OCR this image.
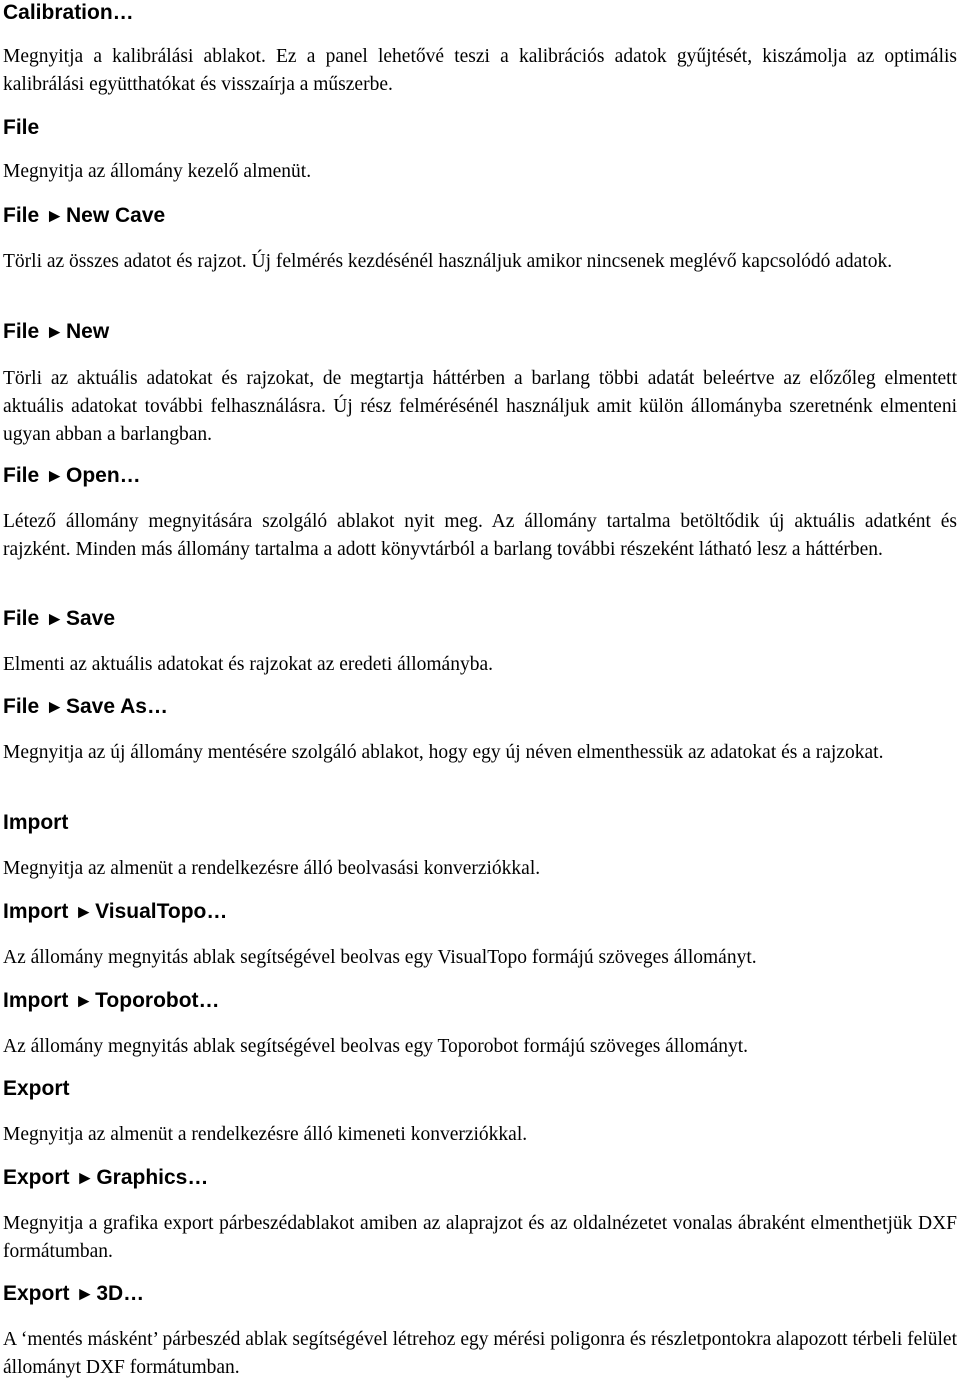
Calibration…

Megnyitja a kalibrálási ablakot. Ez a panel lehetővé teszi a kalibrációs adatok gyűjtését, kiszámolja az optimális kalibrálási együtthatókat és visszaírja a műszerbe.

File

Megnyitja az állomány kezelő almenüt.

File ►New Cave

Törli az összes adatot és rajzot. Új felmérés kezdésénél használjuk amikor nincsenek meglévő kapcsolódó adatok.

File ►New

Törli az aktuális adatokat és rajzokat, de megtartja háttérben a barlang többi adatát beleértve az előzőleg elmentett aktuális adatokat további felhasználásra. Új rész felmérésénél használjuk amit külön állományba szeretnénk elmenteni ugyan abban a barlangban.

File ►Open…

Létező állomány megnyitására szolgáló ablakot nyit meg. Az állomány tartalma betöltődik új aktuális adatként és rajzként. Minden más állomány tartalma a adott könyvtárból a barlang további részeként látható lesz a háttérben.

File ►Save

Elmenti az aktuális adatokat és rajzokat az eredeti állományba.

File ►Save As…

Megnyitja az új állomány mentésére szolgáló ablakot, hogy egy új néven elmenthessük az adatokat és a rajzokat.

Import

Megnyitja az almenüt a rendelkezésre álló beolvasási konverziókkal.

Import ►VisualTopo…

Az állomány megnyitás ablak segítségével beolvas egy VisualTopo formájú szöveges állományt.

Import ►Toporobot…

Az állomány megnyitás ablak segítségével beolvas egy Toporobot formájú szöveges állományt.

Export

Megnyitja az almenüt a rendelkezésre álló kimeneti konverziókkal.

Export ►Graphics…

Megnyitja a grafika export párbeszédablakot amiben az alaprajzot és az oldalnézetet vonalas ábraként elmenthetjük DXF formátumban.

Export ►3D…

A ‘mentés másként’ párbeszéd ablak segítségével létrehoz egy mérési poligonra és részletpontokra alapozott térbeli felület állományt DXF formátumban.
